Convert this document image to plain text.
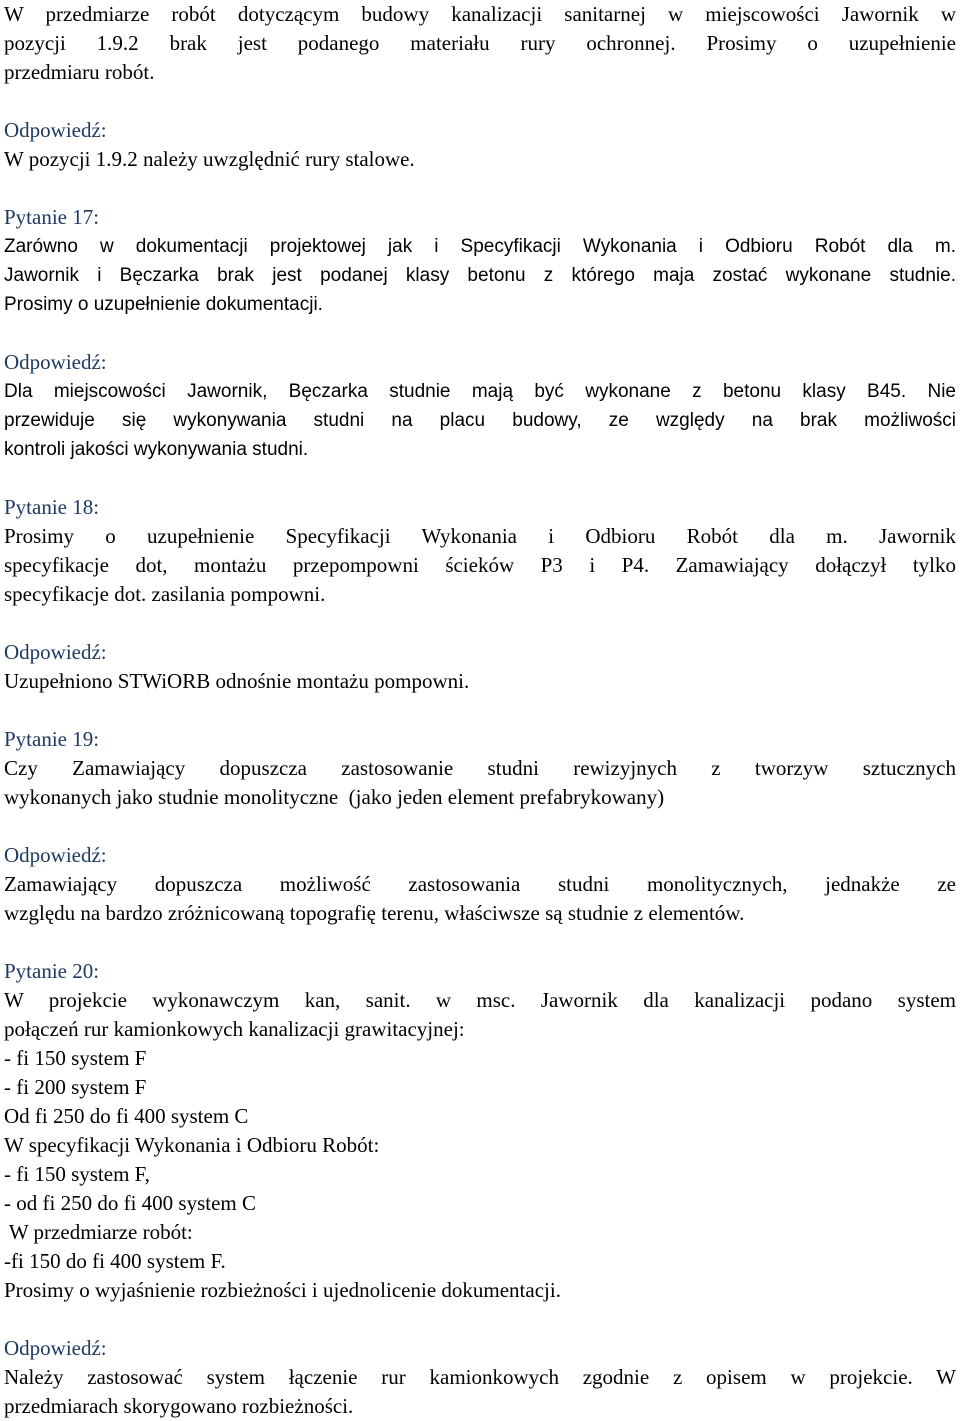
W przedmiarze robót dotyczącym budowy kanalizacji sanitarnej w miejscowości Jawornik w
pozycji 1.9.2 brak jest podanego materiału rury ochronnej. Prosimy o uzupełnienie
przedmiaru robót.
Odpowiedź:
W pozycji 1.9.2 należy uwzględnić rury stalowe.
Pytanie 17:
Zarówno w dokumentacji projektowej jak i Specyfikacji Wykonania i Odbioru Robót dla m.
Jawornik i Bęczarka brak jest podanej klasy betonu z którego maja zostać wykonane studnie.
Prosimy o uzupełnienie dokumentacji.
Odpowiedź:
Dla miejscowości Jawornik, Bęczarka studnie mają być wykonane z betonu klasy B45. Nie
przewiduje się wykonywania studni na placu budowy, ze względy na brak możliwości
kontroli jakości wykonywania studni.
Pytanie 18:
Prosimy o uzupełnienie Specyfikacji Wykonania i Odbioru Robót dla m. Jawornik
specyfikacje dot, montażu przepompowni ścieków P3 i P4. Zamawiający dołączył tylko
specyfikacje dot. zasilania pompowni.
Odpowiedź:
Uzupełniono STWiORB odnośnie montażu pompowni.
Pytanie 19:
Czy Zamawiający dopuszcza zastosowanie studni rewizyjnych z tworzyw sztucznych
wykonanych jako studnie monolityczne  (jako jeden element prefabrykowany)
Odpowiedź:
Zamawiający dopuszcza możliwość zastosowania studni monolitycznych, jednakże ze
względu na bardzo zróżnicowaną topografię terenu, właściwsze są studnie z elementów.
Pytanie 20:
W projekcie wykonawczym kan, sanit. w msc. Jawornik dla kanalizacji podano system
połączeń rur kamionkowych kanalizacji grawitacyjnej:
- fi 150 system F
- fi 200 system F
Od fi 250 do fi 400 system C
W specyfikacji Wykonania i Odbioru Robót:
- fi 150 system F,
- od fi 250 do fi 400 system C
W przedmiarze robót:
-fi 150 do fi 400 system F.
Prosimy o wyjaśnienie rozbieżności i ujednolicenie dokumentacji.
Odpowiedź:
Należy zastosować system łączenie rur kamionkowych zgodnie z opisem w projekcie. W
przedmiarach skorygowano rozbieżności.
